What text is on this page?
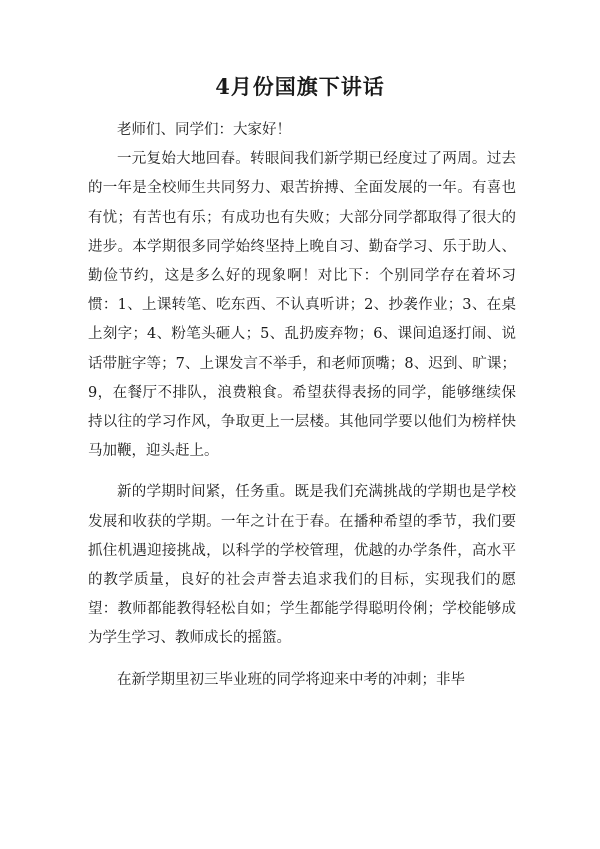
4月份国旗下讲话

老师们、同学们：大家好！

一元复始大地回春。转眼间我们新学期已经度过了两周。过去的一年是全校师生共同努力、艰苦拚搏、全面发展的一年。有喜也有忧；有苦也有乐；有成功也有失败；大部分同学都取得了很大的进步。本学期很多同学始终坚持上晚自习、勤奋学习、乐于助人、勤俭节约，这是多么好的现象啊！对比下：个别同学存在着坏习惯：1、上课转笔、吃东西、不认真听讲；2、抄袭作业；3、在桌上刻字；4、粉笔头砸人；5、乱扔废弃物；6、课间追逐打闹、说话带脏字等；7、上课发言不举手，和老师顶嘴；8、迟到、旷课；9，在餐厅不排队，浪费粮食。希望获得表扬的同学，能够继续保持以往的学习作风，争取更上一层楼。其他同学要以他们为榜样快马加鞭，迎头赶上。

新的学期时间紧，任务重。既是我们充满挑战的学期也是学校发展和收获的学期。一年之计在于春。在播种希望的季节，我们要抓住机遇迎接挑战，以科学的学校管理，优越的办学条件，高水平的教学质量，良好的社会声誉去追求我们的目标，实现我们的愿望：教师都能教得轻松自如；学生都能学得聪明伶俐；学校能够成为学生学习、教师成长的摇篮。

在新学期里初三毕业班的同学将迎来中考的冲刺；非毕
